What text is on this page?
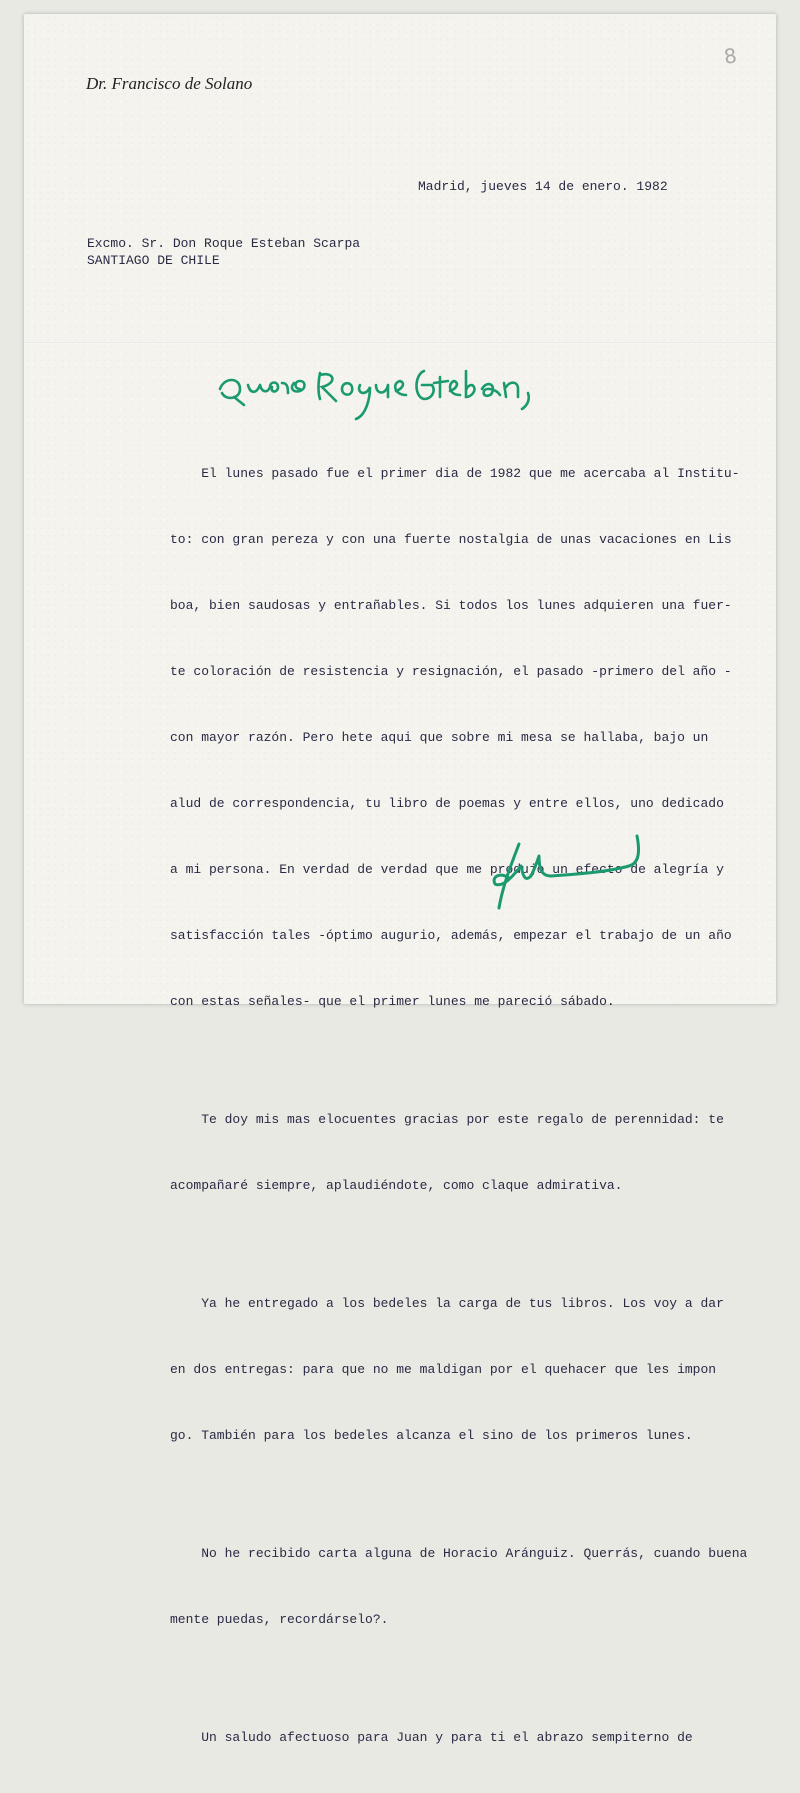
Dr. Francisco de Solano
8
Madrid, jueves 14 de enero. 1982
Excmo. Sr. Don Roque Esteban Scarpa
SANTIAGO DE CHILE

El lunes pasado fue el primer dia de 1982 que me acercaba al Institu-

to: con gran pereza y con una fuerte nostalgia de unas vacaciones en Lis

boa, bien saudosas y entrañables. Si todos los lunes adquieren una fuer-

te coloración de resistencia y resignación, el pasado -primero del año -

con mayor razón. Pero hete aqui que sobre mi mesa se hallaba, bajo un

alud de correspondencia, tu libro de poemas y entre ellos, uno dedicado

a mi persona. En verdad de verdad que me produjo un efecto de alegría y

satisfacción tales -óptimo augurio, además, empezar el trabajo de un año

con estas señales- que el primer lunes me pareció sábado.

Te doy mis mas elocuentes gracias por este regalo de perennidad: te

acompañaré siempre, aplaudiéndote, como claque admirativa.

Ya he entregado a los bedeles la carga de tus libros. Los voy a dar

en dos entregas: para que no me maldigan por el quehacer que les impon

go. También para los bedeles alcanza el sino de los primeros lunes.

No he recibido carta alguna de Horacio Aránguiz. Querrás, cuando buena

mente puedas, recordárselo?.

Un saludo afectuoso para Juan y para ti el abrazo sempiterno de
